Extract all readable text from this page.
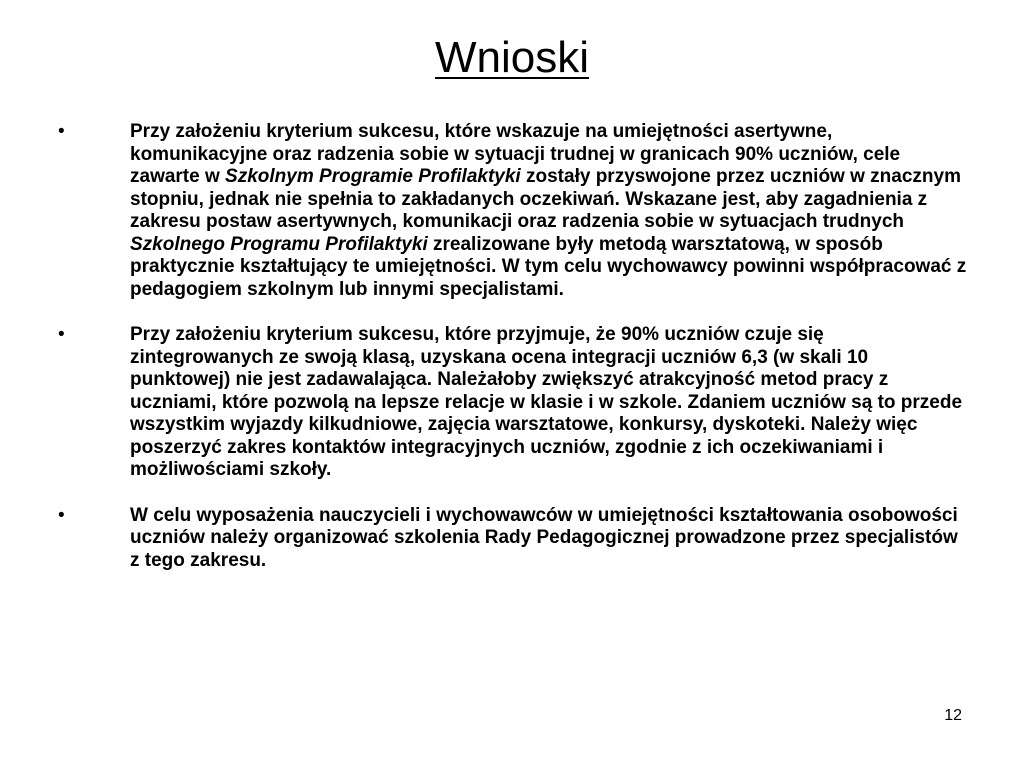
Wnioski
•	Przy założeniu kryterium sukcesu, które wskazuje na umiejętności asertywne, komunikacyjne oraz radzenia sobie w sytuacji trudnej w granicach 90% uczniów, cele zawarte w Szkolnym Programie Profilaktyki zostały przyswojone przez uczniów w znacznym stopniu, jednak nie spełnia to zakładanych oczekiwań. Wskazane jest, aby zagadnienia z zakresu postaw asertywnych, komunikacji oraz radzenia sobie w sytuacjach trudnych Szkolnego Programu Profilaktyki zrealizowane były metodą warsztatową, w sposób praktycznie kształtujący te umiejętności. W tym celu wychowawcy powinni współpracować z pedagogiem szkolnym lub innymi specjalistami.
•	Przy założeniu kryterium sukcesu, które przyjmuje, że 90% uczniów czuje się zintegrowanych ze swoją klasą, uzyskana ocena integracji uczniów 6,3 (w skali 10 punktowej) nie jest zadawalająca. Należałoby zwiększyć atrakcyjność metod pracy z uczniami, które pozwolą na lepsze relacje w klasie i w szkole. Zdaniem uczniów są to przede wszystkim wyjazdy kilkudniowe, zajęcia warsztatowe, konkursy, dyskoteki. Należy więc poszerzyć zakres kontaktów integracyjnych uczniów, zgodnie z ich oczekiwaniami i możliwościami szkoły.
•	W celu wyposażenia nauczycieli i wychowawców w umiejętności kształtowania osobowości uczniów należy organizować szkolenia Rady Pedagogicznej prowadzone przez specjalistów z tego zakresu.
12
